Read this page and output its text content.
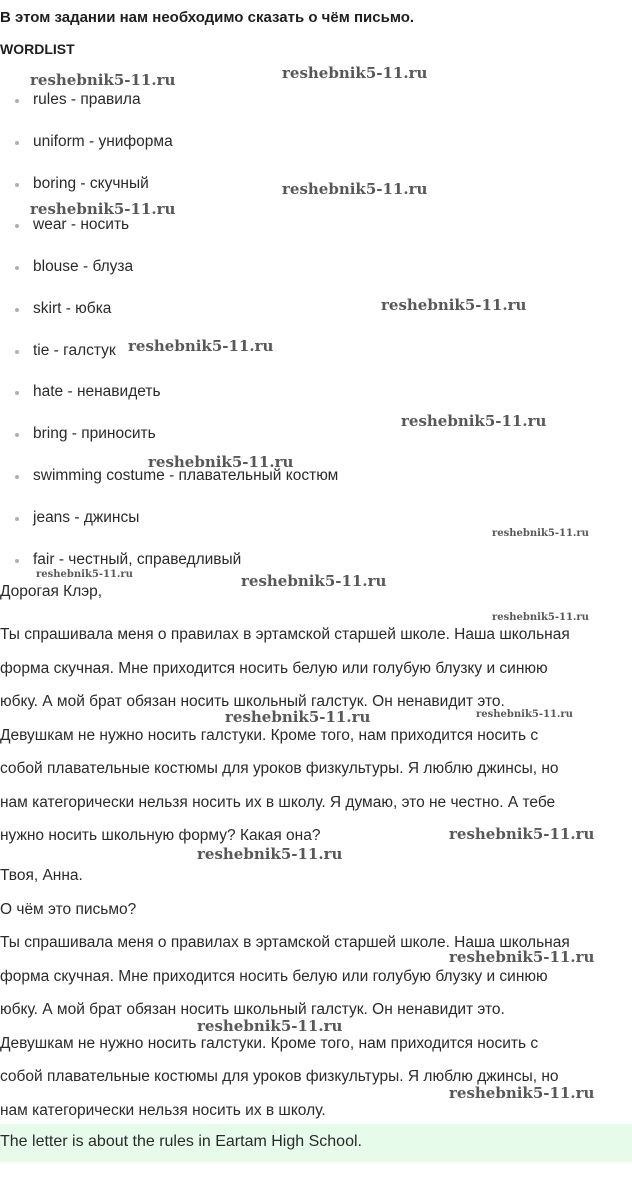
В этом задании нам необходимо сказать о чём письмо.
WORDLIST
rules - правила
uniform - униформа
boring - скучный
wear - носить
blouse - блуза
skirt - юбка
tie - галстук
hate - ненавидеть
bring - приносить
swimming costume - плавательный костюм
jeans - джинсы
fair - честный, справедливый
Дорогая Клэр,
Ты спрашивала меня о правилах в эртамской старшей школе. Наша школьная
форма скучная. Мне приходится носить белую или голубую блузку и синюю
юбку. А мой брат обязан носить школьный галстук. Он ненавидит это.
Девушкам не нужно носить галстуки. Кроме того, нам приходится носить с
собой плавательные костюмы для уроков физкультуры. Я люблю джинсы, но
нам категорически нельзя носить их в школу. Я думаю, это не честно. А тебе
нужно носить школьную форму? Какая она?
Твоя, Анна.
О чём это письмо?
Ты спрашивала меня о правилах в эртамской старшей школе. Наша школьная
форма скучная. Мне приходится носить белую или голубую блузку и синюю
юбку. А мой брат обязан носить школьный галстук. Он ненавидит это.
Девушкам не нужно носить галстуки. Кроме того, нам приходится носить с
собой плавательные костюмы для уроков физкультуры. Я люблю джинсы, но
нам категорически нельзя носить их в школу.
The letter is about the rules in Eartam High School.
reshebnik5-11.ru	reshebnik5-11.ru
reshebnik5-11.ru
reshebnik5-11.ru
reshebnik5-11.ru
reshebnik5-11.ru
reshebnik5-11.ru
reshebnik5-11.ru
reshebnik5-11.ru
reshebnik5-11.ru	reshebnik5-11.ru
reshebnik5-11.ru
reshebnik5-11.ru	reshebnik5-11.ru
reshebnik5-11.ru
reshebnik5-11.ru
reshebnik5-11.ru
reshebnik5-11.ru
reshebnik5-11.ru
